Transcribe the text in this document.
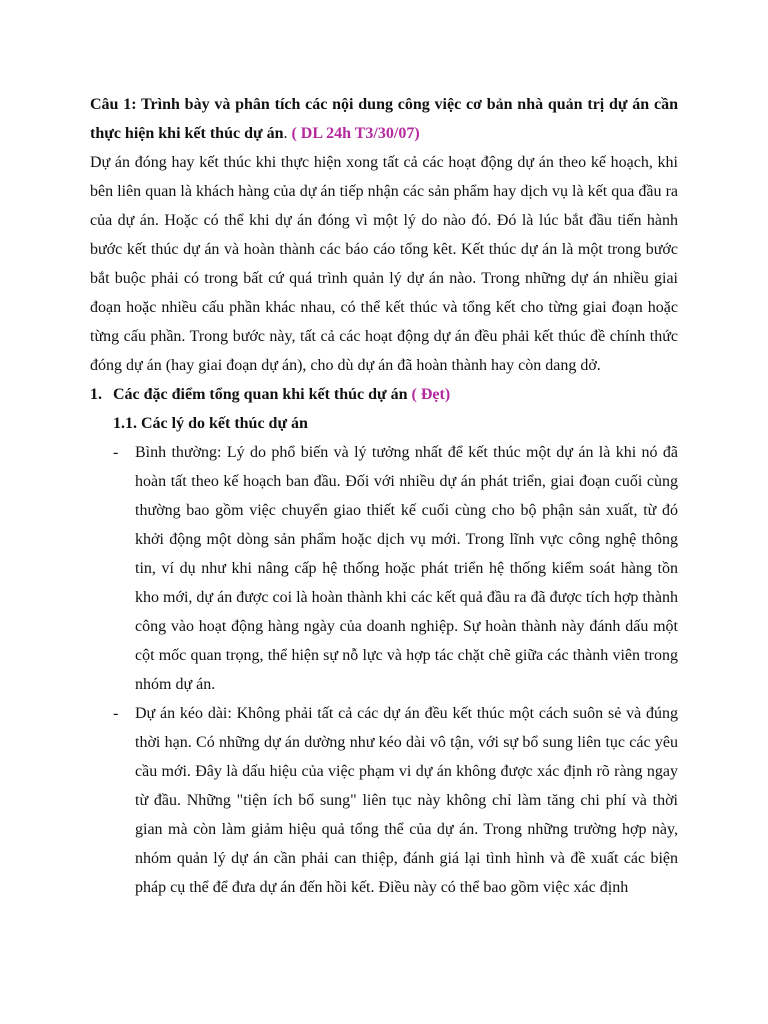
Câu 1: Trình bày và phân tích các nội dung công việc cơ bản nhà quản trị dự án cần thực hiện khi kết thúc dự án. ( DL 24h T3/30/07)

Dự án đóng hay kết thúc khi thực hiện xong tất cả các hoạt động dự án theo kế hoạch, khi bên liên quan là khách hàng của dự án tiếp nhận các sản phẩm hay dịch vụ là kết qua đầu ra của dự án. Hoặc có thể khi dự án đóng vì một lý do nào đó. Đó là lúc bắt đầu tiến hành bước kết thúc dự án và hoàn thành các báo cáo tổng kêt. Kết thúc dự án là một trong bước bắt buộc phải có trong bất cứ quá trình quản lý dự án nào. Trong những dự án nhiều giai đoạn hoặc nhiều cấu phần khác nhau, có thể kết thúc và tổng kết cho từng giai đoạn hoặc từng cấu phần. Trong bước này, tất cả các hoạt động dự án đều phải kết thúc đề chính thức đóng dự án (hay giai đoạn dự án), cho dù dự án đã hoàn thành hay còn dang dở.

1. Các đặc điểm tổng quan khi kết thúc dự án ( Đẹt)
1.1. Các lý do kết thúc dự án
-	Bình thường: Lý do phổ biến và lý tưởng nhất để kết thúc một dự án là khi nó đã hoàn tất theo kế hoạch ban đầu. Đối với nhiều dự án phát triển, giai đoạn cuối cùng thường bao gồm việc chuyển giao thiết kế cuối cùng cho bộ phận sản xuất, từ đó khởi động một dòng sản phẩm hoặc dịch vụ mới. Trong lĩnh vực công nghệ thông tin, ví dụ như khi nâng cấp hệ thống hoặc phát triển hệ thống kiểm soát hàng tồn kho mới, dự án được coi là hoàn thành khi các kết quả đầu ra đã được tích hợp thành công vào hoạt động hàng ngày của doanh nghiệp. Sự hoàn thành này đánh dấu một cột mốc quan trọng, thể hiện sự nỗ lực và hợp tác chặt chẽ giữa các thành viên trong nhóm dự án.
-	Dự án kéo dài: Không phải tất cả các dự án đều kết thúc một cách suôn sẻ và đúng thời hạn. Có những dự án dường như kéo dài vô tận, với sự bổ sung liên tục các yêu cầu mới. Đây là dấu hiệu của việc phạm vi dự án không được xác định rõ ràng ngay từ đầu. Những "tiện ích bổ sung" liên tục này không chỉ làm tăng chi phí và thời gian mà còn làm giảm hiệu quả tổng thể của dự án. Trong những trường hợp này, nhóm quản lý dự án cần phải can thiệp, đánh giá lại tình hình và đề xuất các biện pháp cụ thể để đưa dự án đến hồi kết. Điều này có thể bao gồm việc xác định
